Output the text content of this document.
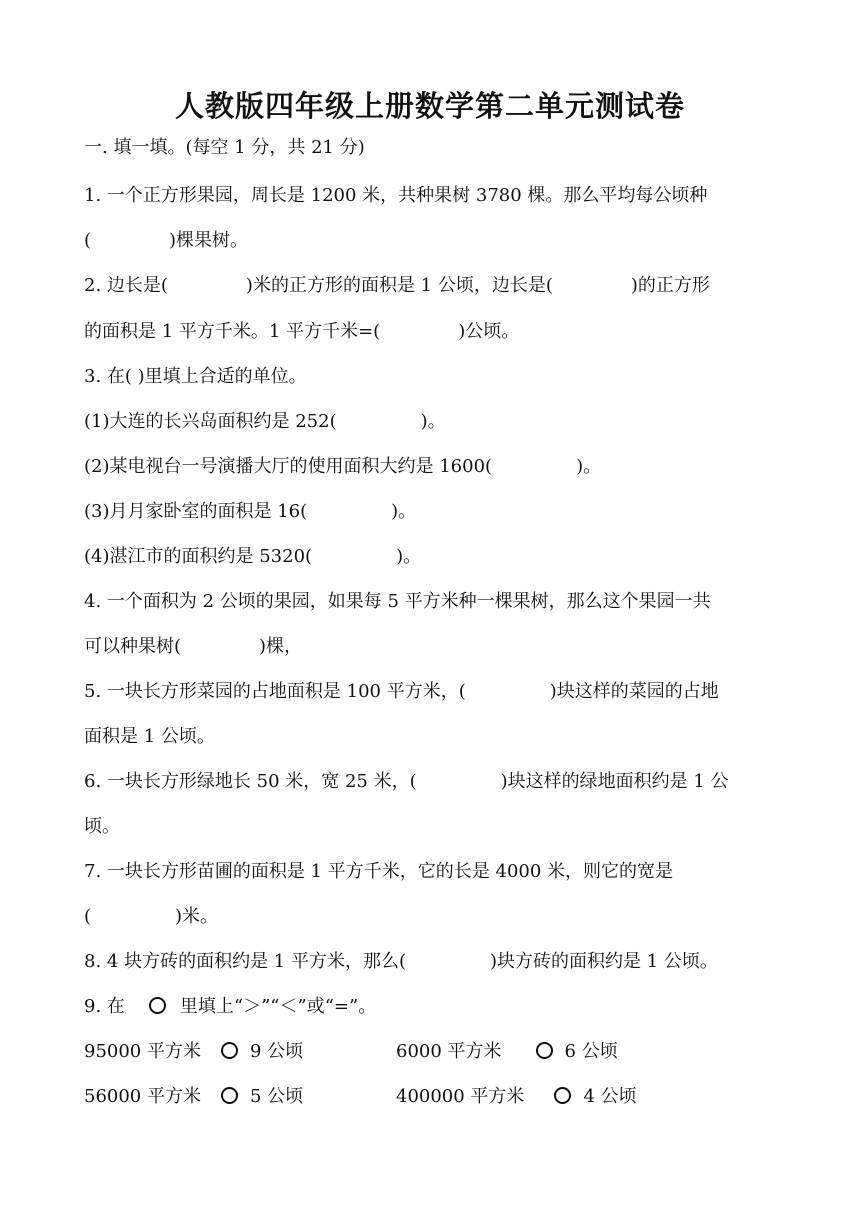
人教版四年级上册数学第二单元测试卷
一. 填一填。(每空 1 分，共 21 分)
1. 一个正方形果园，周长是 1200 米，共种果树 3780 棵。那么平均每公顷种
(	)棵果树。
2. 边长是(	)米的正方形的面积是 1 公顷，边长是(	)的正方形
的面积是 1 平方千米。1 平方千米=(	)公顷。
3. 在( )里填上合适的单位。
(1)大连的长兴岛面积约是 252(	)。
(2)某电视台一号演播大厅的使用面积大约是 1600(	)。
(3)月月家卧室的面积是 16(	)。
(4)湛江市的面积约是 5320(	)。
4. 一个面积为 2 公顷的果园，如果每 5 平方米种一棵果树，那么这个果园一共
可以种果树(	)棵，
5. 一块长方形菜园的占地面积是 100 平方米，(	)块这样的菜园的占地
面积是 1 公顷。
6. 一块长方形绿地长 50 米，宽 25 米，(	)块这样的绿地面积约是 1 公
顷。
7. 一块长方形苗圃的面积是 1 平方千米，它的长是 4000 米，则它的宽是
(	)米。
8. 4 块方砖的面积约是 1 平方米，那么(	)块方砖的面积约是 1 公顷。
9. 在	里填上“＞”“＜”或“=”。
95000 平方米	9 公顷	6000 平方米	6 公顷
56000 平方米	5 公顷	400000 平方米	4 公顷
